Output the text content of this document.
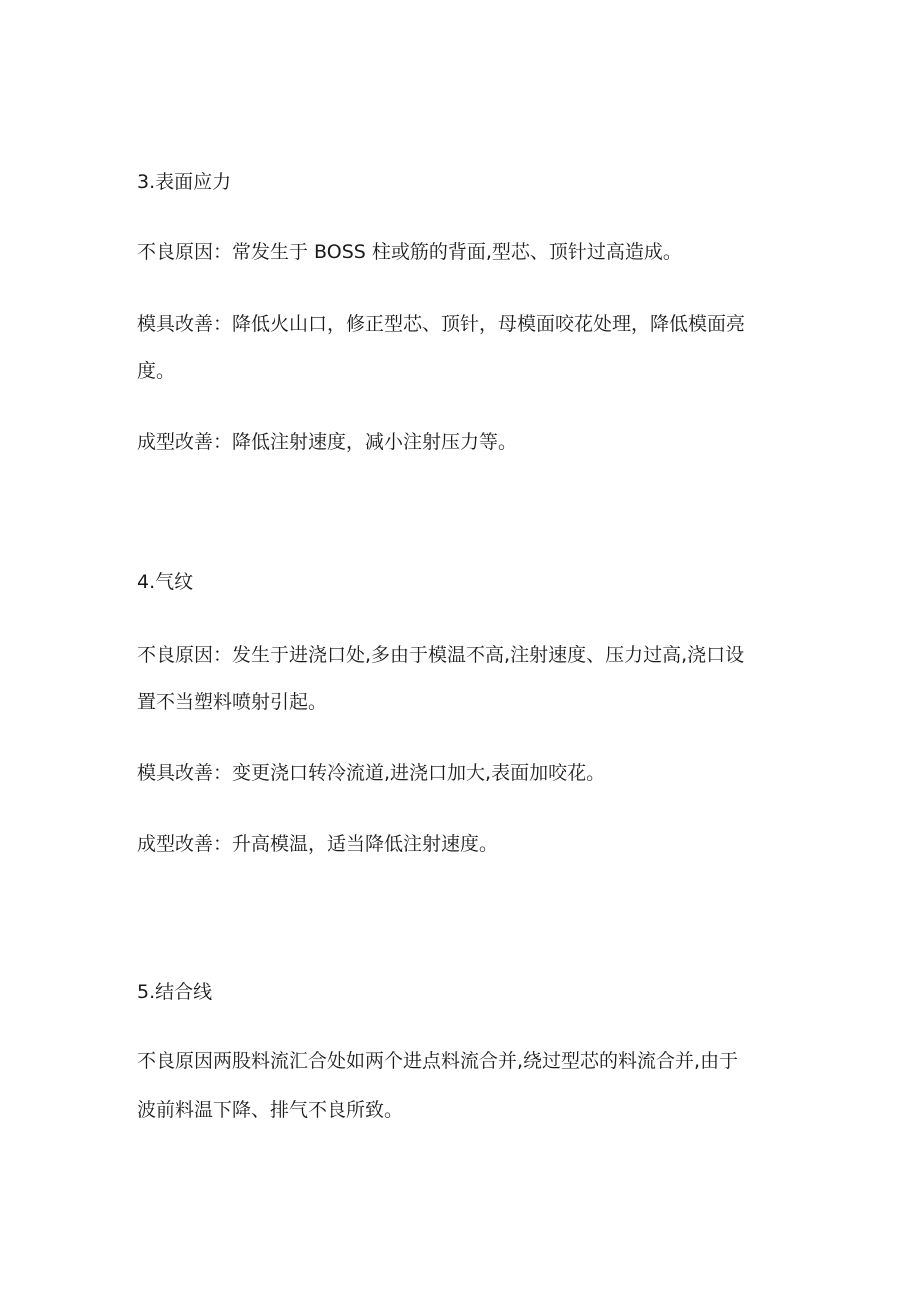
3.表面应力
不良原因：常发生于 BOSS 柱或筋的背面,型芯、顶针过高造成。
模具改善：降低火山口，修正型芯、顶针，母模面咬花处理，降低模面亮
度。
成型改善：降低注射速度，减小注射压力等。
4.气纹
不良原因：发生于进浇口处,多由于模温不高,注射速度、压力过高,浇口设
置不当塑料喷射引起。
模具改善：变更浇口转冷流道,进浇口加大,表面加咬花。
成型改善：升高模温，适当降低注射速度。
5.结合线
不良原因两股料流汇合处如两个进点料流合并,绕过型芯的料流合并,由于
波前料温下降、排气不良所致。
